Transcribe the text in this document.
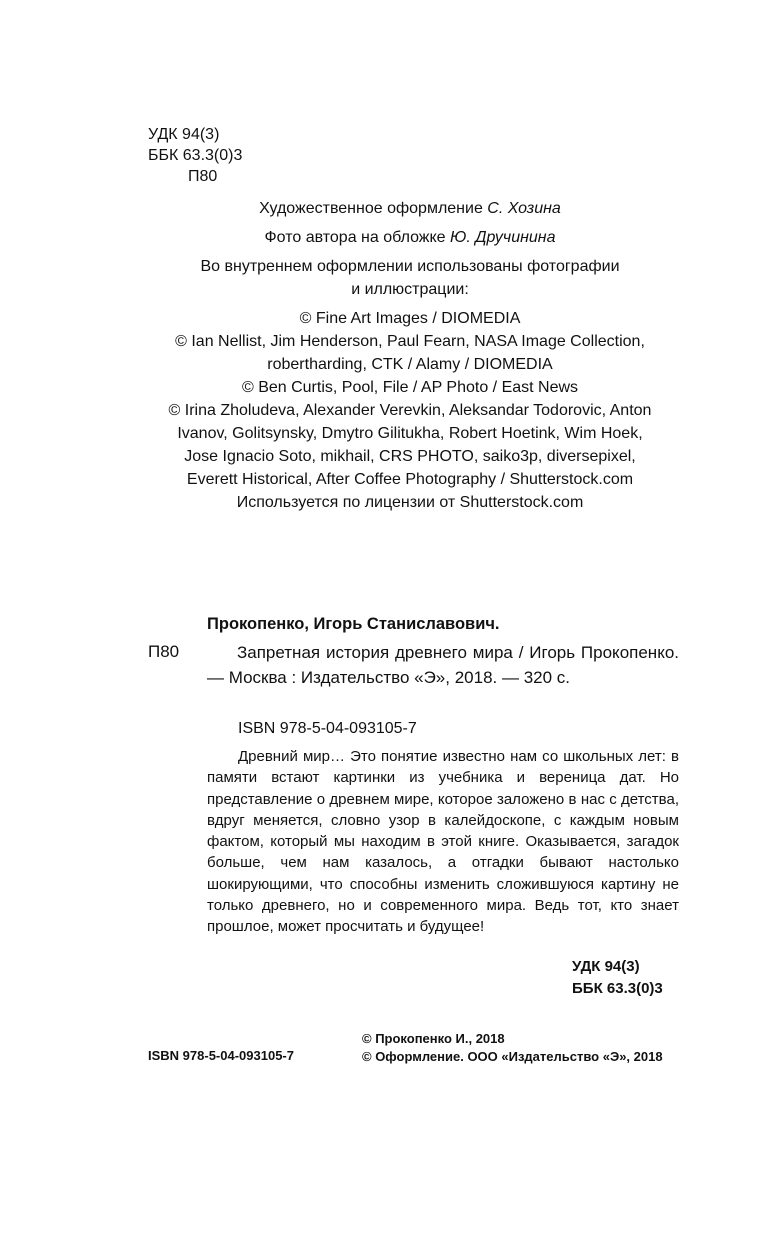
УДК 94(3)
ББК 63.3(0)3
П80

Художественное оформление С. Хозина

Фото автора на обложке Ю. Дручинина

Во внутреннем оформлении использованы фотографии

и иллюстрации:

© Fine Art Images / DIOMEDIA

© Ian Nellist, Jim Henderson, Paul Fearn, NASA Image Collection,

robertharding, CTK / Alamy / DIOMEDIA

© Ben Curtis, Pool, File / AP Photo / East News

© Irina Zholudeva, Alexander Verevkin, Aleksandar Todorovic, Anton

Ivanov, Golitsynsky, Dmytro Gilitukha, Robert Hoetink, Wim Hoek,

Jose Ignacio Soto, mikhail, CRS PHOTO, saiko3p, diversepixel,

Everett Historical, After Coffee Photography / Shutterstock.com

Используется по лицензии от Shutterstock.com

Прокопенко, Игорь Станиславович.
П80	Запретная история древнего мира / Игорь Прокопенко. — Москва : Издательство «Э», 2018. — 320 с.

ISBN 978-5-04-093105-7

Древний мир… Это понятие известно нам со школьных лет: в памяти встают картинки из учебника и вереница дат. Но представление о древнем мире, которое заложено в нас с детства, вдруг меняется, словно узор в калейдоскопе, с каждым новым фактом, который мы находим в этой книге. Оказывается, загадок больше, чем нам казалось, а отгадки бывают настолько шокирующими, что способны изменить сложившуюся картину не только древнего, но и современного мира. Ведь тот, кто знает прошлое, может просчитать и будущее!

УДК 94(3)
ББК 63.3(0)3
ISBN 978-5-04-093105-7
© Прокопенко И., 2018
© Оформление. ООО «Издательство «Э», 2018
